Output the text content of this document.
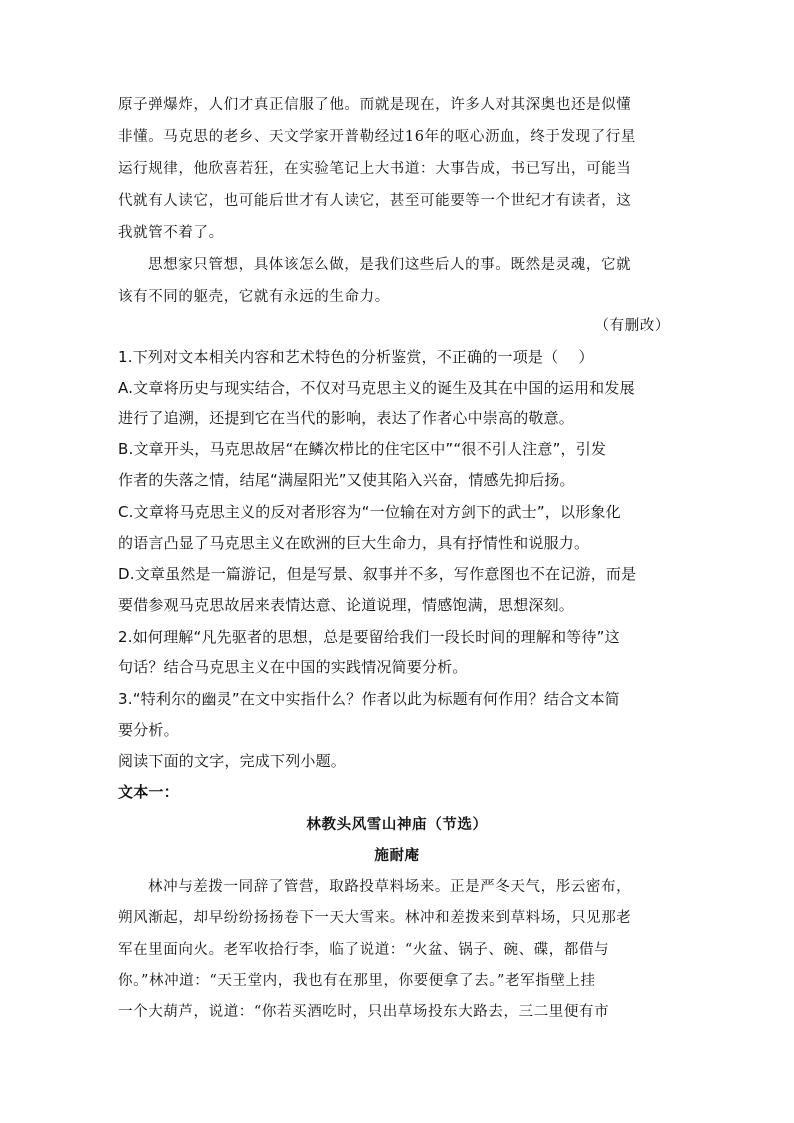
原子弹爆炸，人们才真正信服了他。而就是现在，许多人对其深奥也还是似懂
非懂。马克思的老乡、天文学家开普勒经过16年的呕心沥血，终于发现了行星
运行规律，他欣喜若狂，在实验笔记上大书道：大事告成，书已写出，可能当
代就有人读它，也可能后世才有人读它，甚至可能要等一个世纪才有读者，这
我就管不着了。
思想家只管想，具体该怎么做，是我们这些后人的事。既然是灵魂，它就
该有不同的躯壳，它就有永远的生命力。
（有删改）
1.下列对文本相关内容和艺术特色的分析鉴赏，不正确的一项是（　 ）
A.文章将历史与现实结合，不仅对马克思主义的诞生及其在中国的运用和发展
进行了追溯，还提到它在当代的影响，表达了作者心中崇高的敬意。
B.文章开头，马克思故居“在鳞次栉比的住宅区中”“很不引人注意”，引发
作者的失落之情，结尾“满屋阳光”又使其陷入兴奋，情感先抑后扬。
C.文章将马克思主义的反对者形容为“一位输在对方剑下的武士”，以形象化
的语言凸显了马克思主义在欧洲的巨大生命力，具有抒情性和说服力。
D.文章虽然是一篇游记，但是写景、叙事并不多，写作意图也不在记游，而是
要借参观马克思故居来表情达意、论道说理，情感饱满，思想深刻。
2.如何理解“凡先驱者的思想，总是要留给我们一段长时间的理解和等待”这
句话？结合马克思主义在中国的实践情况简要分析。
3.“特利尔的幽灵”在文中实指什么？作者以此为标题有何作用？结合文本简
要分析。
阅读下面的文字，完成下列小题。
文本一：
林教头风雪山神庙（节选）
施耐庵
林冲与差拨一同辞了管营，取路投草料场来。正是严冬天气，彤云密布，
朔风渐起，却早纷纷扬扬卷下一天大雪来。林冲和差拨来到草料场，只见那老
军在里面向火。老军收拾行李，临了说道：“火盆、锅子、碗、碟，都借与
你。”林冲道：“天王堂内，我也有在那里，你要便拿了去。”老军指壁上挂
一个大葫芦，说道：“你若买酒吃时，只出草场投东大路去，三二里便有市
